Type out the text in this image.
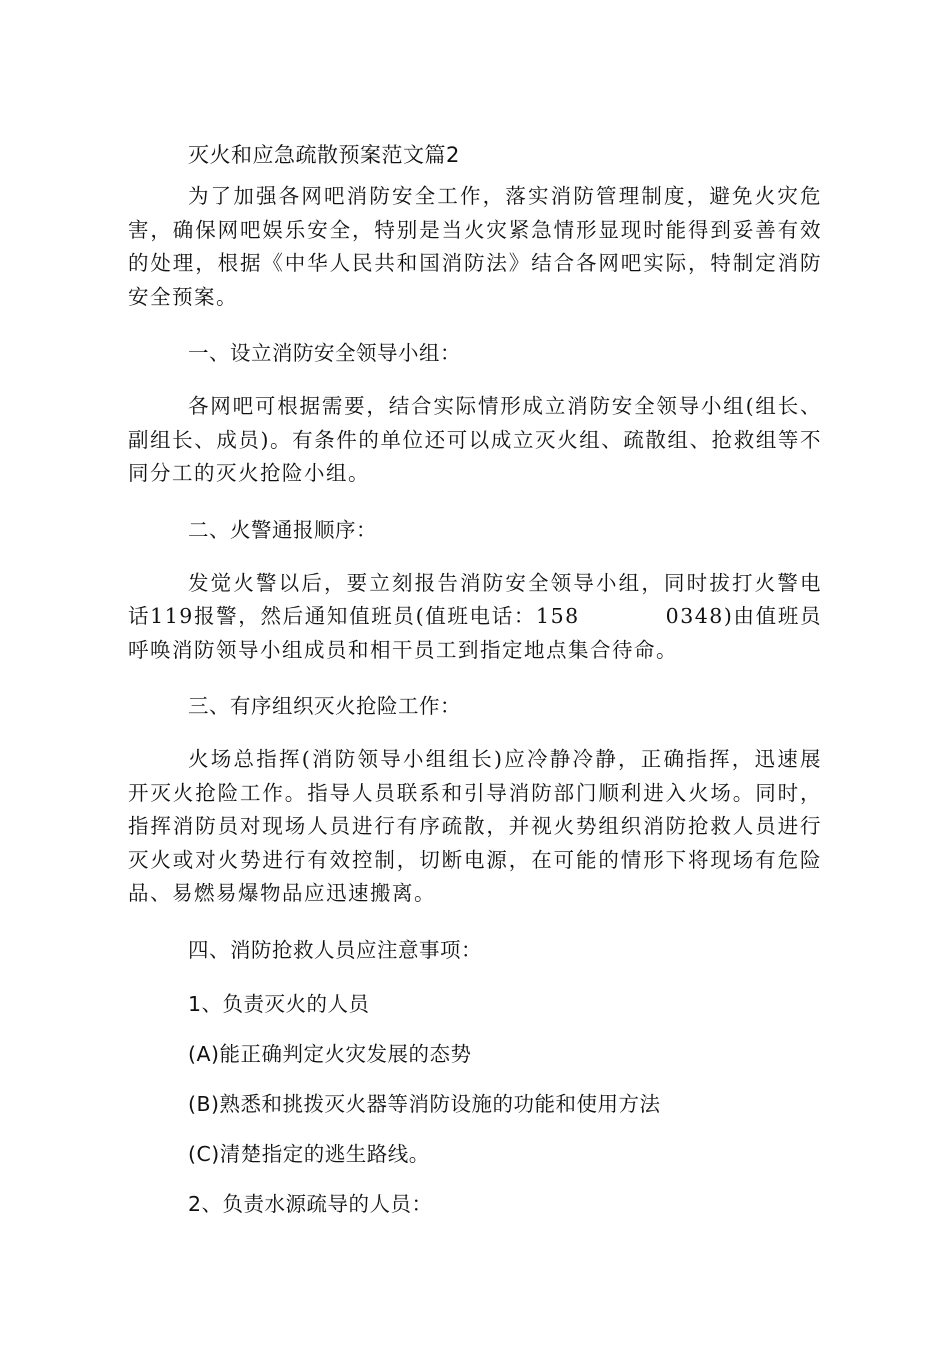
灭火和应急疏散预案范文篇2

为了加强各网吧消防安全工作，落实消防管理制度，避免火灾危害，确保网吧娱乐安全，特别是当火灾紧急情形显现时能得到妥善有效的处理，根据《中华人民共和国消防法》结合各网吧实际，特制定消防安全预案。

一、设立消防安全领导小组：

各网吧可根据需要，结合实际情形成立消防安全领导小组(组长、副组长、成员)。有条件的单位还可以成立灭火组、疏散组、抢救组等不同分工的灭火抢险小组。

二、火警通报顺序：

发觉火警以后，要立刻报告消防安全领导小组，同时拔打火警电话119报警，然后通知值班员(值班电话：158	0348)由值班员呼唤消防领导小组成员和相干员工到指定地点集合待命。

三、有序组织灭火抢险工作：

火场总指挥(消防领导小组组长)应冷静冷静，正确指挥，迅速展开灭火抢险工作。指导人员联系和引导消防部门顺利进入火场。同时，指挥消防员对现场人员进行有序疏散，并视火势组织消防抢救人员进行灭火或对火势进行有效控制，切断电源，在可能的情形下将现场有危险品、易燃易爆物品应迅速搬离。

四、消防抢救人员应注意事项：
1、负责灭火的人员
(A)能正确判定火灾发展的态势
(B)熟悉和挑拨灭火器等消防设施的功能和使用方法
(C)清楚指定的逃生路线。
2、负责水源疏导的人员：
